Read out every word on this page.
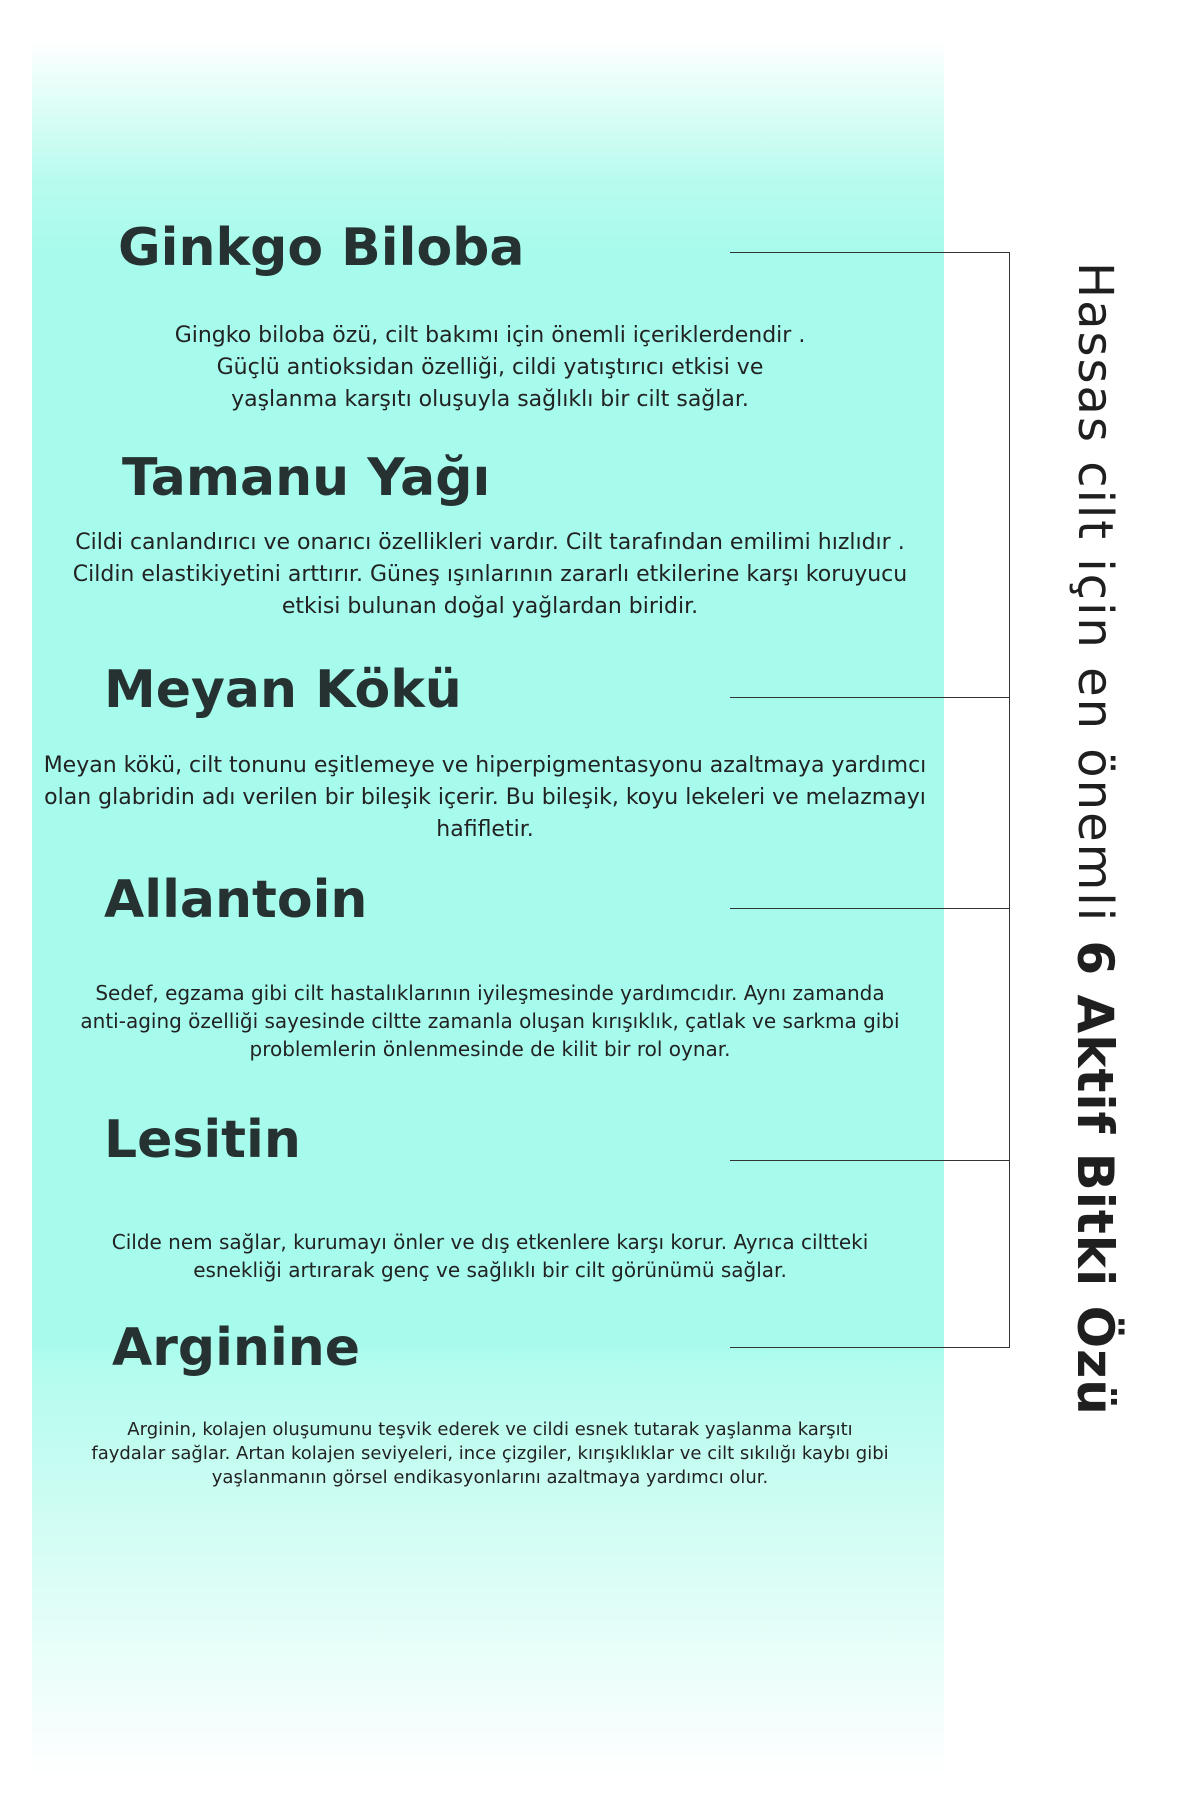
Ginkgo Biloba

Gingko biloba özü, cilt bakımı için önemli içeriklerdendir . Güçlü antioksidan özelliği, cildi yatıştırıcı etkisi ve yaşlanma karşıtı oluşuyla sağlıklı bir cilt sağlar.

Tamanu Yağı

Cildi canlandırıcı ve onarıcı özellikleri vardır. Cilt tarafından emilimi hızlıdır . Cildin elastikiyetini arttırır. Güneş ışınlarının zararlı etkilerine karşı koruyucu etkisi bulunan doğal yağlardan biridir.

Meyan Kökü

Meyan kökü, cilt tonunu eşitlemeye ve hiperpigmentasyonu azaltmaya yardımcı olan glabridin adı verilen bir bileşik içerir. Bu bileşik, koyu lekeleri ve melazmayı hafifletir.

Allantoin

Sedef, egzama gibi cilt hastalıklarının iyileşmesinde yardımcıdır. Aynı zamanda anti-aging özelliği sayesinde ciltte zamanla oluşan kırışıklık, çatlak ve sarkma gibi problemlerin önlenmesinde de kilit bir rol oynar.

Lesitin

Cilde nem sağlar, kurumayı önler ve dış etkenlere karşı korur. Ayrıca ciltteki esnekliği artırarak genç ve sağlıklı bir cilt görünümü sağlar.

Arginine

Arginin, kolajen oluşumunu teşvik ederek ve cildi esnek tutarak yaşlanma karşıtı faydalar sağlar. Artan kolajen seviyeleri, ince çizgiler, kırışıklıklar ve cilt sıkılığı kaybı gibi yaşlanmanın görsel endikasyonlarını azaltmaya yardımcı olur.

Hassas cilt için en önemli 6 Aktif Bitki Özü
